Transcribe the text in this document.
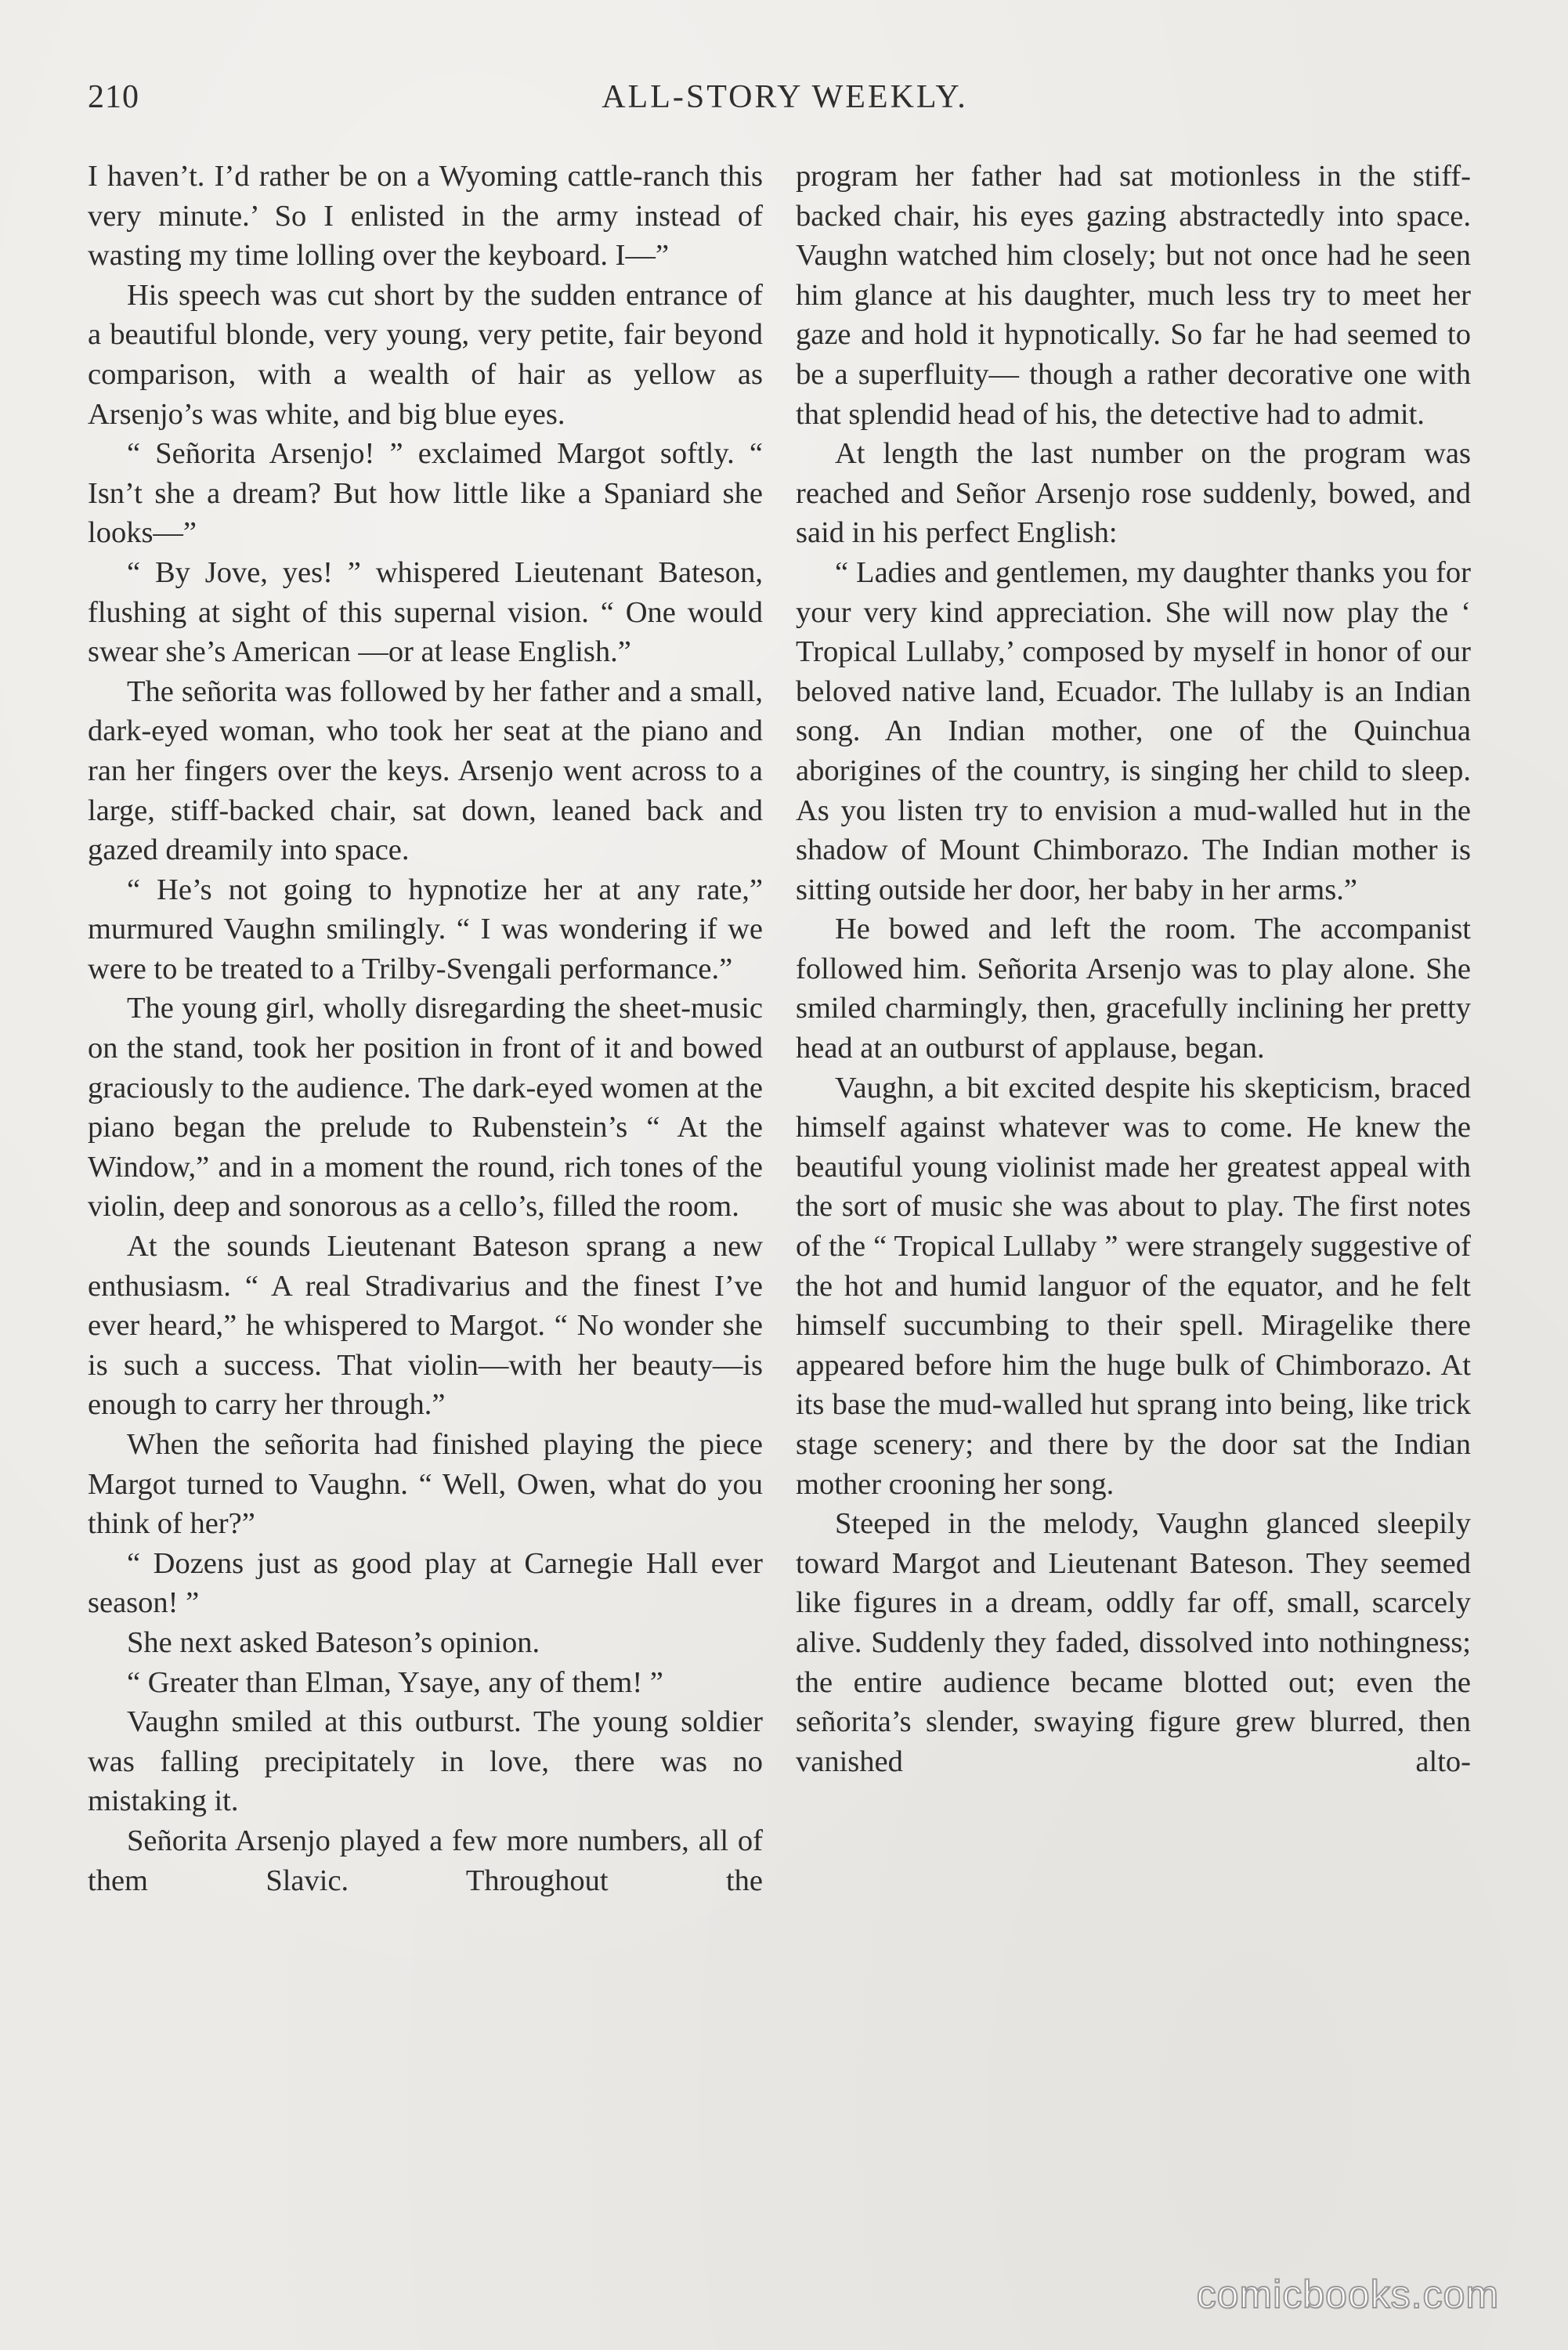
210	ALL-STORY WEEKLY.

I haven’t. I’d rather be on a Wyoming cattle-ranch this very minute.’ So I enlisted in the army instead of wasting my time lolling over the keyboard. I—”

His speech was cut short by the sudden entrance of a beautiful blonde, very young, very petite, fair beyond comparison, with a wealth of hair as yellow as Arsenjo’s was white, and big blue eyes.

“ Señorita Arsenjo! ” exclaimed Margot softly. “ Isn’t she a dream? But how little like a Spaniard she looks—”

“ By Jove, yes! ” whispered Lieutenant Bateson, flushing at sight of this supernal vision. “ One would swear she’s American —or at lease English.”

The señorita was followed by her father and a small, dark-eyed woman, who took her seat at the piano and ran her fingers over the keys. Arsenjo went across to a large, stiff-backed chair, sat down, leaned back and gazed dreamily into space.

“ He’s not going to hypnotize her at any rate,” murmured Vaughn smilingly. “ I was wondering if we were to be treated to a Trilby-Svengali performance.”

The young girl, wholly disregarding the sheet-music on the stand, took her position in front of it and bowed graciously to the audience. The dark-eyed women at the piano began the prelude to Rubenstein’s “ At the Window,” and in a moment the round, rich tones of the violin, deep and sonorous as a cello’s, filled the room.

At the sounds Lieutenant Bateson sprang a new enthusiasm. “ A real Stradivarius and the finest I’ve ever heard,” he whispered to Margot. “ No wonder she is such a success. That violin—with her beauty—is enough to carry her through.”

When the señorita had finished playing the piece Margot turned to Vaughn. “ Well, Owen, what do you think of her?”

“ Dozens just as good play at Carnegie Hall ever season! ”

She next asked Bateson’s opinion.

“ Greater than Elman, Ysaye, any of them! ”

Vaughn smiled at this outburst. The young soldier was falling precipitately in love, there was no mistaking it.

Señorita Arsenjo played a few more numbers, all of them Slavic. Throughout the

program her father had sat motionless in the stiff-backed chair, his eyes gazing abstractedly into space. Vaughn watched him closely; but not once had he seen him glance at his daughter, much less try to meet her gaze and hold it hypnotically. So far he had seemed to be a superfluity— though a rather decorative one with that splendid head of his, the detective had to admit.

At length the last number on the program was reached and Señor Arsenjo rose suddenly, bowed, and said in his perfect English:

“ Ladies and gentlemen, my daughter thanks you for your very kind appreciation. She will now play the ‘ Tropical Lullaby,’ composed by myself in honor of our beloved native land, Ecuador. The lullaby is an Indian song. An Indian mother, one of the Quinchua aborigines of the country, is singing her child to sleep. As you listen try to envision a mud-walled hut in the shadow of Mount Chimborazo. The Indian mother is sitting outside her door, her baby in her arms.”

He bowed and left the room. The accompanist followed him. Señorita Arsenjo was to play alone. She smiled charmingly, then, gracefully inclining her pretty head at an outburst of applause, began.

Vaughn, a bit excited despite his skepticism, braced himself against whatever was to come. He knew the beautiful young violinist made her greatest appeal with the sort of music she was about to play. The first notes of the “ Tropical Lullaby ” were strangely suggestive of the hot and humid languor of the equator, and he felt himself succumbing to their spell. Miragelike there appeared before him the huge bulk of Chimborazo. At its base the mud-walled hut sprang into being, like trick stage scenery; and there by the door sat the Indian mother crooning her song.

Steeped in the melody, Vaughn glanced sleepily toward Margot and Lieutenant Bateson. They seemed like figures in a dream, oddly far off, small, scarcely alive. Suddenly they faded, dissolved into nothingness; the entire audience became blotted out; even the señorita’s slender, swaying figure grew blurred, then vanished alto-

comicbooks.com
